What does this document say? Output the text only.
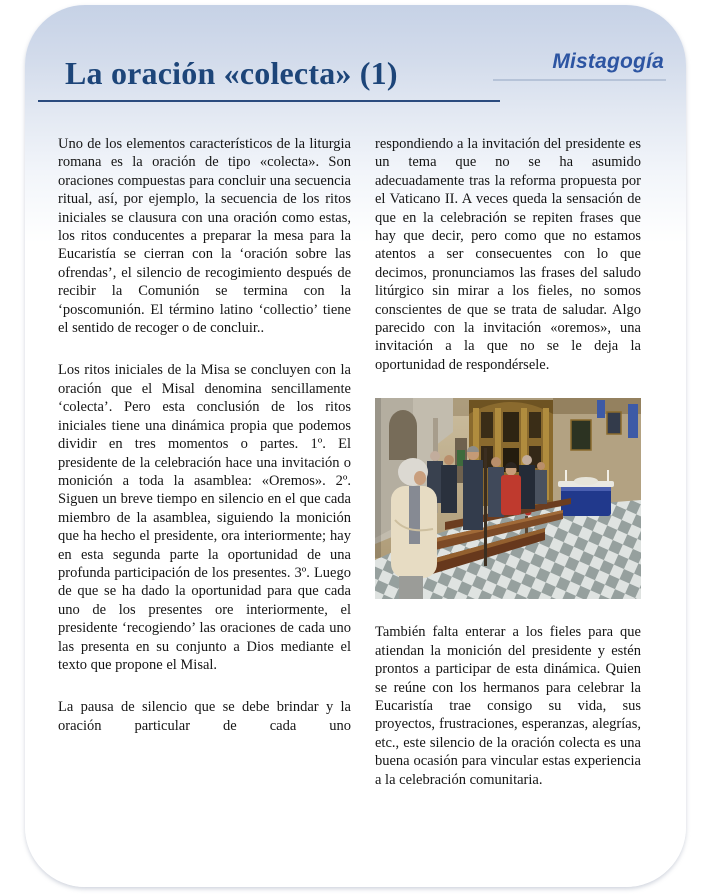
Mistagogía
La oración «colecta» (1)

Uno de los elementos característicos de la liturgia romana es la oración de tipo «colecta». Son oraciones compuestas para concluir una secuencia ritual, así, por ejemplo, la secuencia de los ritos iniciales se clausura con una oración como estas, los ritos conducentes a preparar la mesa para la Eucaristía se cierran con la ‘oración sobre las ofrendas’, el silencio de recogimiento después de recibir la Comunión se termina con la ‘poscomunión. El término latino ‘collectio’ tiene el sentido de recoger o de concluir..

Los ritos iniciales de la Misa se concluyen con la oración que el Misal denomina sencillamente ‘colecta’. Pero esta conclusión de los ritos iniciales tiene una dinámica propia que podemos dividir en tres momentos o partes. 1º. El presidente de la celebración hace una invitación o monición a toda la asamblea: «Oremos». 2º. Siguen un breve tiempo en silencio en el que cada miembro de la asamblea, siguiendo la monición que ha hecho el presidente, ora interiormente; hay en esta segunda parte la oportunidad de una profunda participación de los presentes. 3º. Luego de que se ha dado la oportunidad para que cada uno de los presentes ore interiormente, el presidente ‘recogiendo’ las oraciones de cada uno las presenta en su conjunto a Dios mediante el texto que propone el Misal.

La pausa de silencio que se debe brindar y la oración particular de cada uno

respondiendo a la invitación del presidente es un tema que no se ha asumido adecuadamente tras la reforma propuesta por el Vaticano II. A veces queda la sensación de que en la celebración se repiten frases que hay que decir, pero como que no estamos atentos a ser consecuentes con lo que decimos, pronunciamos las frases del saludo litúrgico sin mirar a los fieles, no somos conscientes de que se trata de saludar. Algo parecido con la invitación «oremos», una invitación a la que no se le deja la oportunidad de respondérsele.

También falta enterar a los fieles para que atiendan la monición del presidente y estén prontos a participar de esta dinámica. Quien se reúne con los hermanos para celebrar la Eucaristía trae consigo su vida, sus proyectos, frustraciones, esperanzas, alegrías, etc., este silencio de la oración colecta es una buena ocasión para vincular estas experiencia a la celebración comunitaria.
